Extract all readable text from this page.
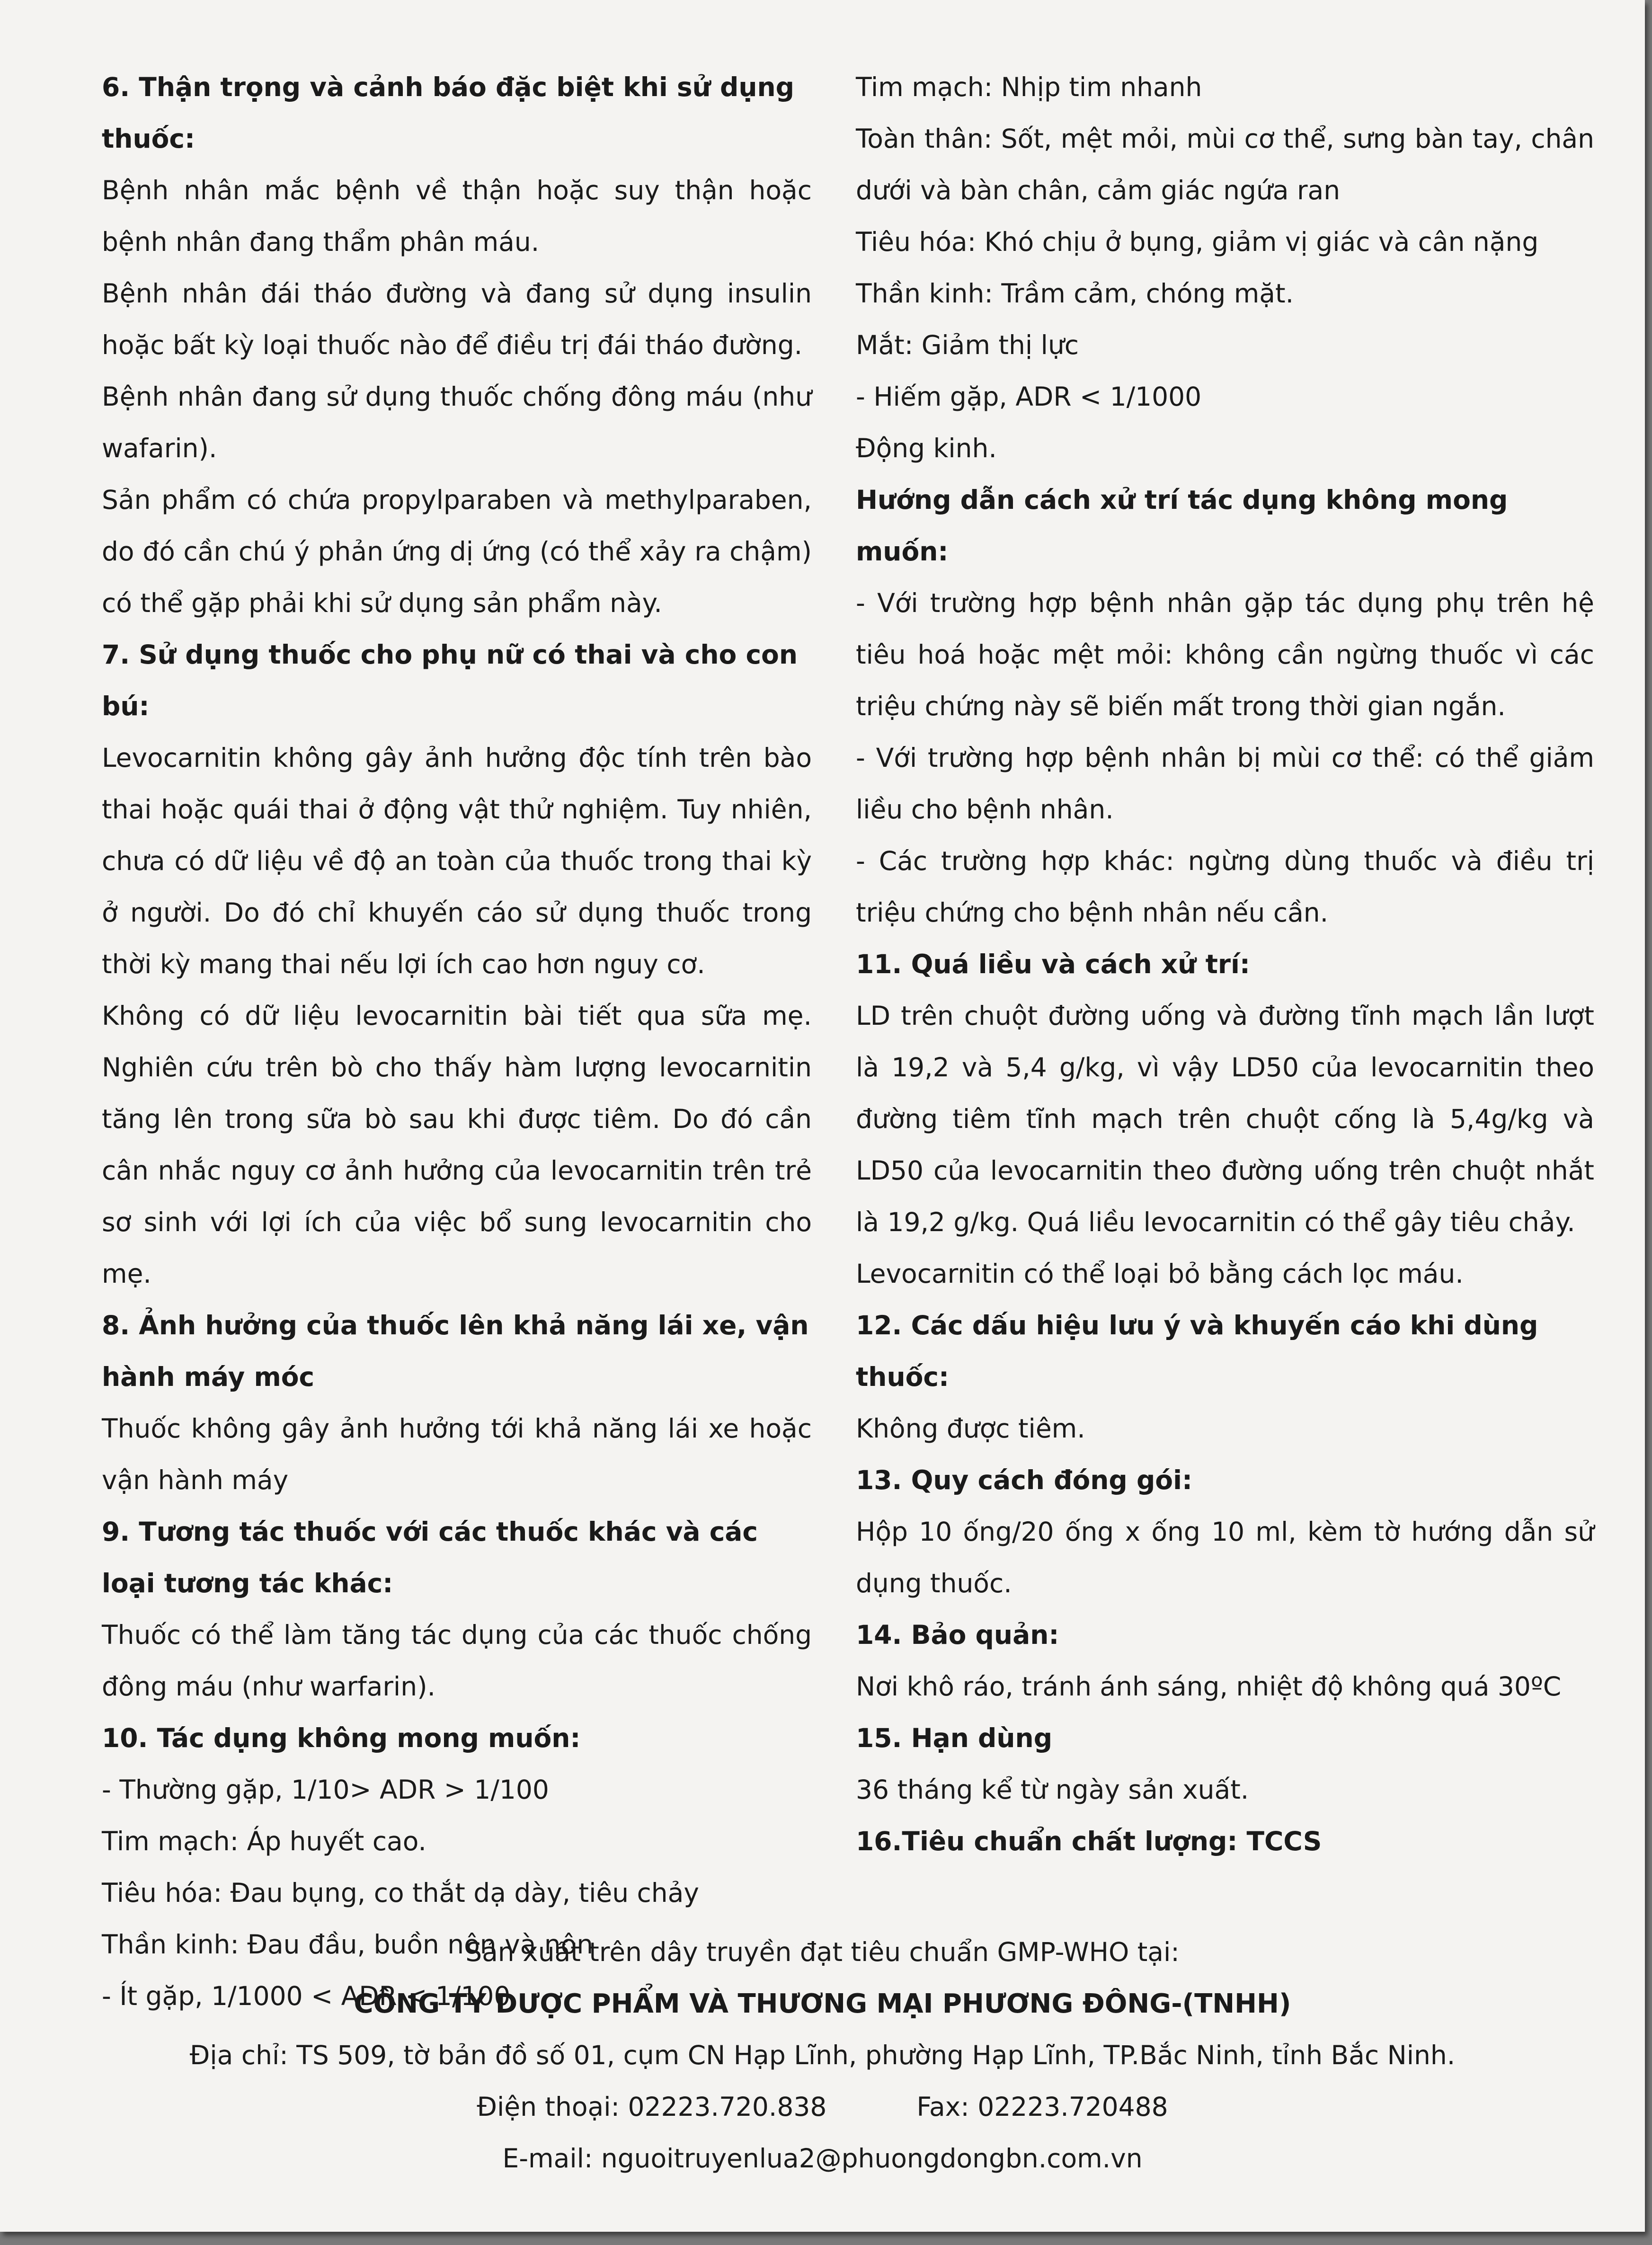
6. Thận trọng và cảnh báo đặc biệt khi sử dụng thuốc:

Bệnh nhân mắc bệnh về thận hoặc suy thận hoặc bệnh nhân đang thẩm phân máu.

Bệnh nhân đái tháo đường và đang sử dụng insulin hoặc bất kỳ loại thuốc nào để điều trị đái tháo đường.

Bệnh nhân đang sử dụng thuốc chống đông máu (như wafarin).

Sản phẩm có chứa propylparaben và methylparaben, do đó cần chú ý phản ứng dị ứng (có thể xảy ra chậm) có thể gặp phải khi sử dụng sản phẩm này.

7. Sử dụng thuốc cho phụ nữ có thai và cho con bú:

Levocarnitin không gây ảnh hưởng độc tính trên bào thai hoặc quái thai ở động vật thử nghiệm. Tuy nhiên, chưa có dữ liệu về độ an toàn của thuốc trong thai kỳ ở người. Do đó chỉ khuyến cáo sử dụng thuốc trong thời kỳ mang thai nếu lợi ích cao hơn nguy cơ.

Không có dữ liệu levocarnitin bài tiết qua sữa mẹ. Nghiên cứu trên bò cho thấy hàm lượng levocarnitin tăng lên trong sữa bò sau khi được tiêm. Do đó cần cân nhắc nguy cơ ảnh hưởng của levocarnitin trên trẻ sơ sinh với lợi ích của việc bổ sung levocarnitin cho mẹ.

8. Ảnh hưởng của thuốc lên khả năng lái xe, vận hành máy móc

Thuốc không gây ảnh hưởng tới khả năng lái xe hoặc vận hành máy

9. Tương tác thuốc với các thuốc khác và các loại tương tác khác:

Thuốc có thể làm tăng tác dụng của các thuốc chống đông máu (như warfarin).

10. Tác dụng không mong muốn:

- Thường gặp, 1/10> ADR > 1/100

Tim mạch: Áp huyết cao.

Tiêu hóa: Đau bụng, co thắt dạ dày, tiêu chảy

Thần kinh: Đau đầu, buồn nôn và nôn

- Ít gặp, 1/1000 < ADR < 1/100

Tim mạch: Nhịp tim nhanh

Toàn thân: Sốt, mệt mỏi, mùi cơ thể, sưng bàn tay, chân dưới và bàn chân, cảm giác ngứa ran

Tiêu hóa: Khó chịu ở bụng, giảm vị giác và cân nặng

Thần kinh: Trầm cảm, chóng mặt.

Mắt: Giảm thị lực

- Hiếm gặp, ADR < 1/1000

Động kinh.

Hướng dẫn cách xử trí tác dụng không mong muốn:

- Với trường hợp bệnh nhân gặp tác dụng phụ trên hệ tiêu hoá hoặc mệt mỏi: không cần ngừng thuốc vì các triệu chứng này sẽ biến mất trong thời gian ngắn.

- Với trường hợp bệnh nhân bị mùi cơ thể: có thể giảm liều cho bệnh nhân.

- Các trường hợp khác: ngừng dùng thuốc và điều trị triệu chứng cho bệnh nhân nếu cần.

11. Quá liều và cách xử trí:

LD trên chuột đường uống và đường tĩnh mạch lần lượt là 19,2 và 5,4 g/kg, vì vậy LD50 của levocarnitin theo đường tiêm tĩnh mạch trên chuột cống là 5,4g/kg và LD50 của levocarnitin theo đường uống trên chuột nhắt là 19,2 g/kg. Quá liều levocarnitin có thể gây tiêu chảy.

Levocarnitin có thể loại bỏ bằng cách lọc máu.

12. Các dấu hiệu lưu ý và khuyến cáo khi dùng thuốc:

Không được tiêm.

13. Quy cách đóng gói:

Hộp 10 ống/20 ống x ống 10 ml, kèm tờ hướng dẫn sử dụng thuốc.

14. Bảo quản:

Nơi khô ráo, tránh ánh sáng, nhiệt độ không quá 30ºC

15. Hạn dùng

36 tháng kể từ ngày sản xuất.

16.Tiêu chuẩn chất lượng: TCCS

Sản xuất trên dây truyền đạt tiêu chuẩn GMP-WHO tại:

CÔNG TY DƯỢC PHẨM VÀ THƯƠNG MẠI PHƯƠNG ĐÔNG-(TNHH)

Địa chỉ: TS 509, tờ bản đồ số 01, cụm CN Hạp Lĩnh, phường Hạp Lĩnh, TP.Bắc Ninh, tỉnh Bắc Ninh.

Điện thoại: 02223.720.838	Fax: 02223.720488

E-mail: nguoitruyenlua2@phuongdongbn.com.vn
